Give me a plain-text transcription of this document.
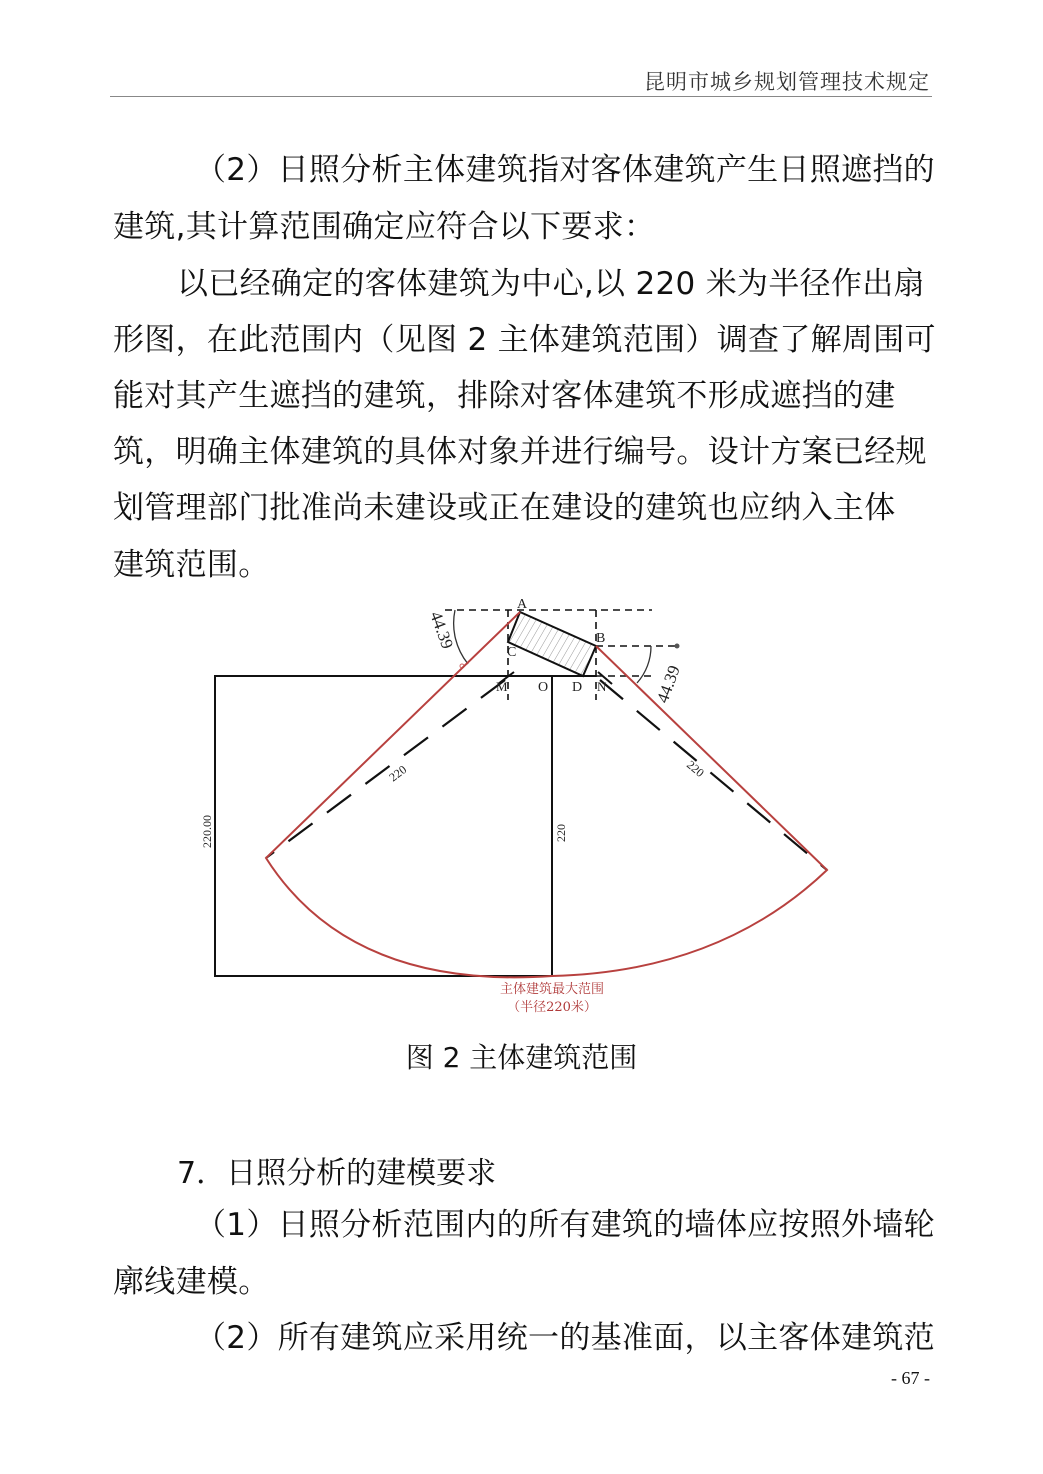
昆明市城乡规划管理技术规定
（2）日照分析主体建筑指对客体建筑产生日照遮挡的
建筑,其计算范围确定应符合以下要求：
以已经确定的客体建筑为中心,以 220 米为半径作出扇
形图，在此范围内（见图 2 主体建筑范围）调查了解周围可
能对其产生遮挡的建筑，排除对客体建筑不形成遮挡的建
筑，明确主体建筑的具体对象并进行编号。设计方案已经规
划管理部门批准尚未建设或正在建设的建筑也应纳入主体
建筑范围。
A
B
C
D
M	N
O
44.39
44.39
220	220
220
220.00
主体建筑最大范围
（半径220米）
图 2 主体建筑范围
7．日照分析的建模要求
（1）日照分析范围内的所有建筑的墙体应按照外墙轮
廓线建模。
（2）所有建筑应采用统一的基准面，以主客体建筑范
- 67 -
